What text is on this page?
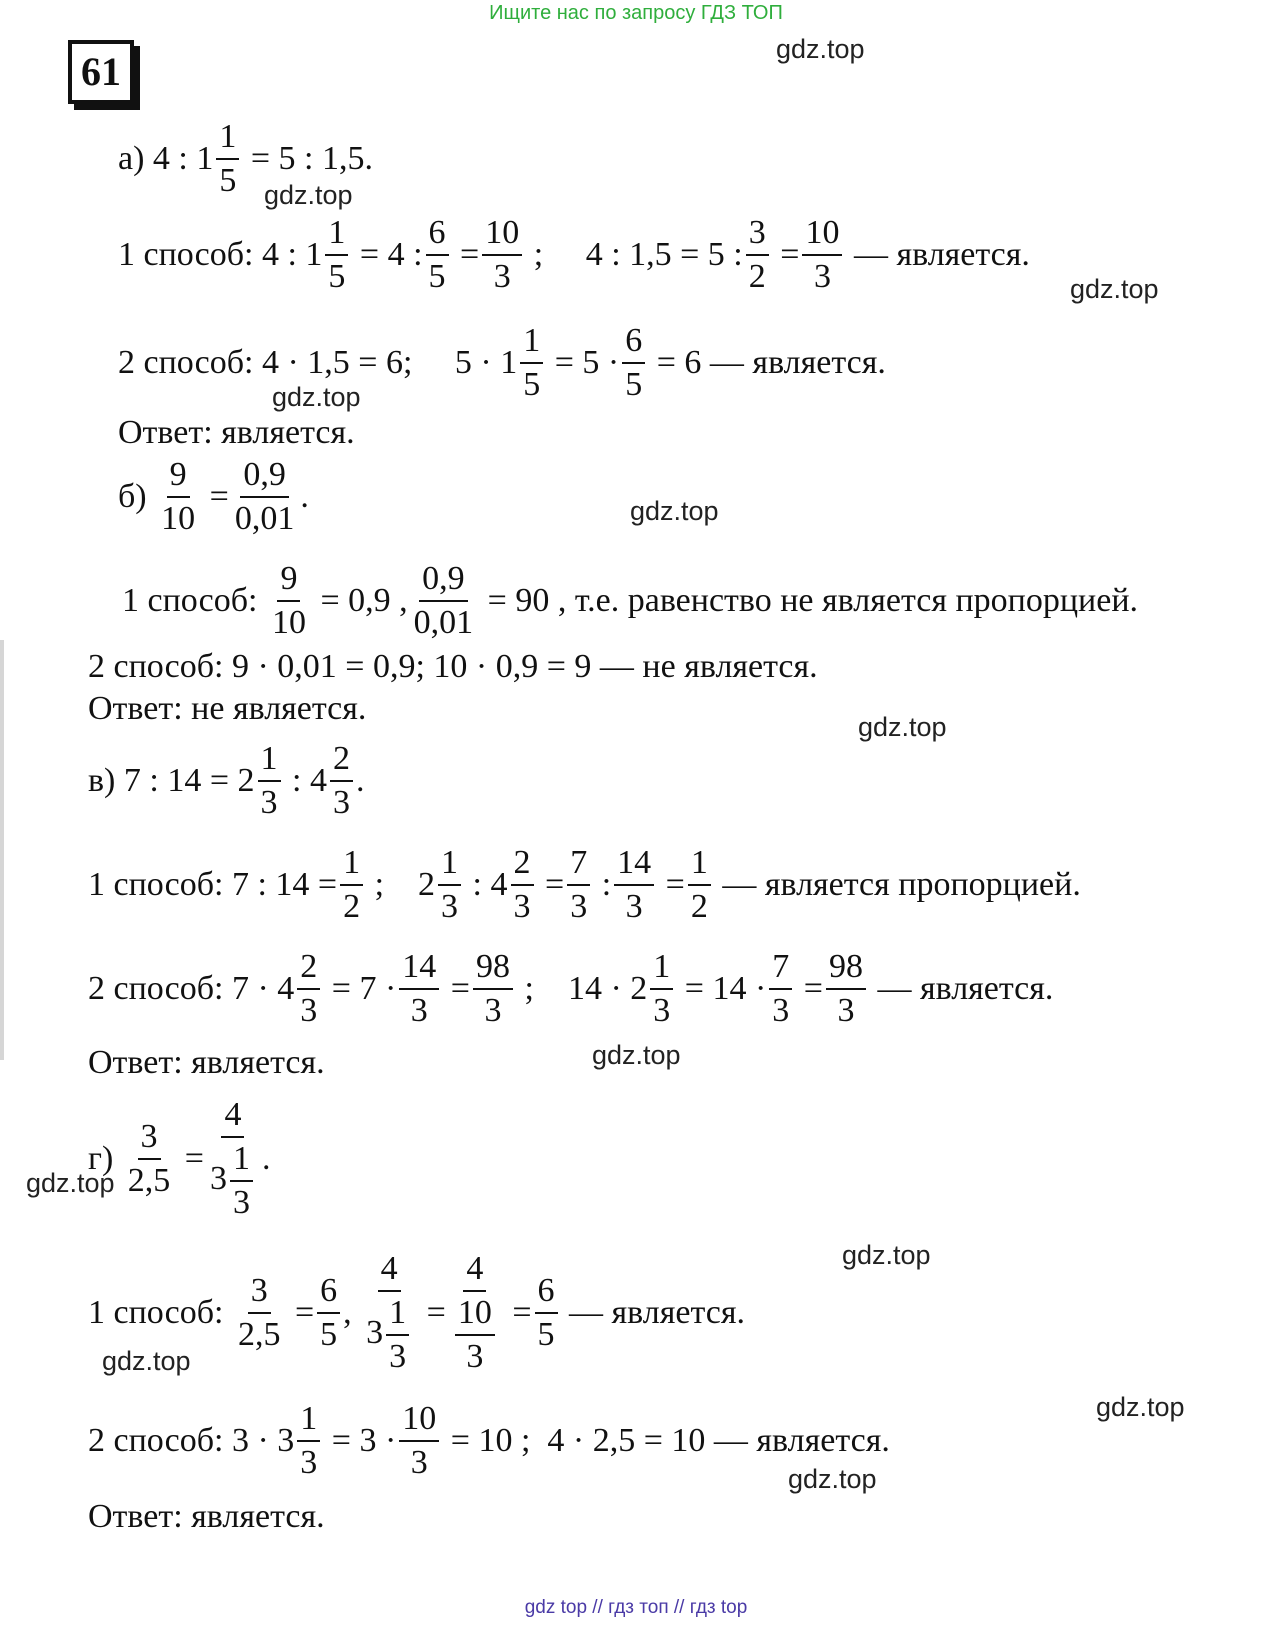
Ищите нас по запросу ГДЗ ТОП
61
а) 4 : $1 \frac{1}{5} = 5$ : 1,5.
1 способ: 4 : $1 \frac{1}{5} = 4$ : $\frac{6}{5} = \frac{10}{3}$ ; 4 : 1,5 = 5 : $\frac{3}{2} = \frac{10}{3}$ — является.
2 способ: 4 · 1,5 = 6; $5 \cdot 1 \frac{1}{5} = 5 \cdot \frac{6}{5} = 6$ — является.
Ответ: является.
$б) \frac{9}{10} = \frac{0,9}{0,01}$ .
1 способ: $\frac{9}{10} = 0,9$ , $\frac{0,9}{0,01} = 90$ , т.е. равенство не является пропорцией.
2 способ: 9 · 0,01 = 0,9; 10 · 0,9 = 9 — не является.
Ответ: не является.
в) 7 : $14 = 2 \frac{1}{3}$ : $4 \frac{2}{3}$ .
1 способ: 7 : $14 = \frac{1}{2}$ ; $2 \frac{1}{3}$ : $4 \frac{2}{3} = \frac{7}{3}$ : $\frac{14}{3} = \frac{1}{2}$ — является пропорцией.
2 способ: $7 \cdot 4 \frac{2}{3} = 7 \cdot \frac{14}{3} = \frac{98}{3}$ ; $14 \cdot 2 \frac{1}{3} = 14 \cdot \frac{7}{3} = \frac{98}{3}$ — является.
Ответ: является.
$г) \frac{3}{2,5} = \frac{4}{3 \frac{1}{3}}$ .
1 способ: $\frac{3}{2,5} = \frac{6}{5}$ , $\frac{4}{3 \frac{1}{3}} = \frac{4}{\frac{10}{3}} = \frac{6}{5}$ — является.
2 способ: $3 \cdot 3 \frac{1}{3} = 3 \cdot \frac{10}{3} = 10$ ; 4 · 2,5 = 10 — является.
Ответ: является.
gdz.top
gdz.top
gdz.top
gdz.top
gdz.top
gdz.top
gdz.top
gdz.top
gdz.top
gdz.top
gdz.top
gdz.top
gdz top // гдз топ // гдз top
